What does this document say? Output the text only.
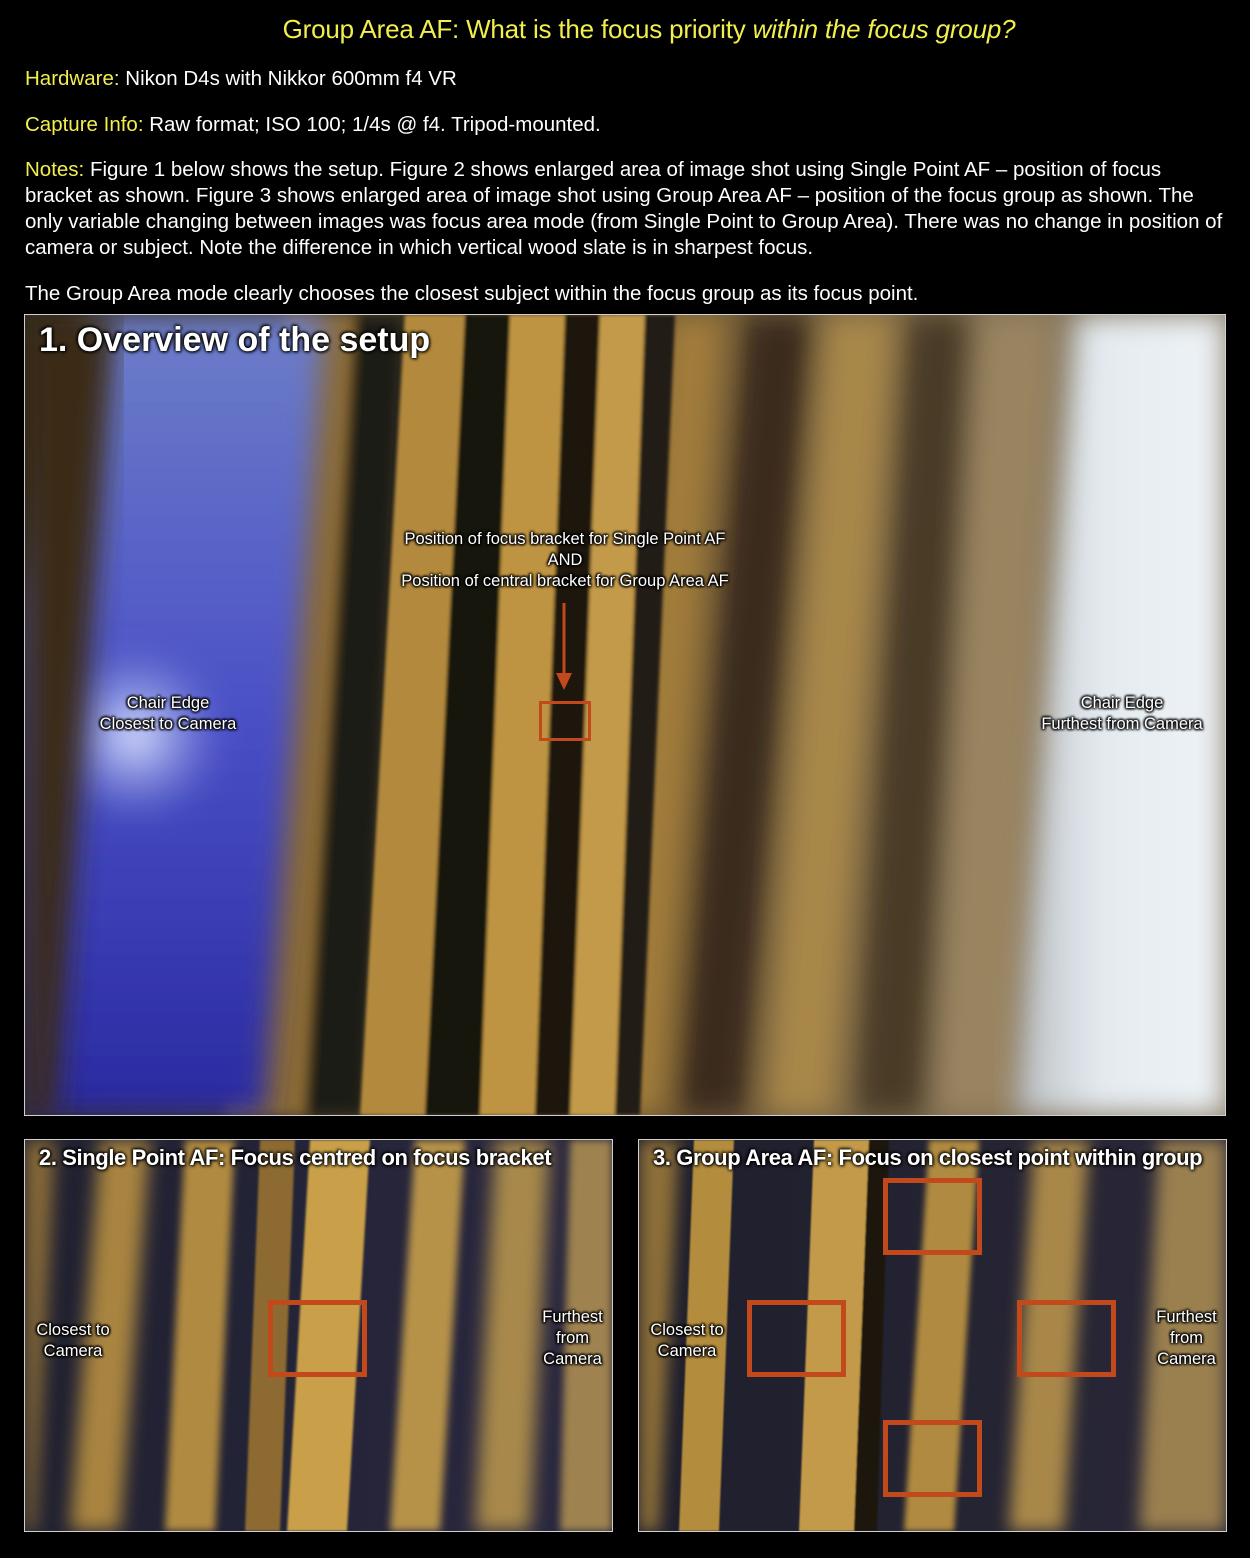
Group Area AF: What is the focus priority within the focus group?
Hardware: Nikon D4s with Nikkor 600mm f4 VR
Capture Info: Raw format; ISO 100; 1/4s @ f4. Tripod-mounted.
Notes: Figure 1 below shows the setup. Figure 2 shows enlarged area of image shot using Single Point AF – position of focus bracket as shown. Figure 3 shows enlarged area of image shot using Group Area AF – position of the focus group as shown. The only variable changing between images was focus area mode (from Single Point to Group Area). There was no change in position of camera or subject. Note the difference in which vertical wood slate is in sharpest focus.
The Group Area mode clearly chooses the closest subject within the focus group as its focus point.
1. Overview of the setup
Position of focus bracket for Single Point AF
AND
Position of central bracket for Group Area AF
Chair Edge
Closest to Camera
Chair Edge
Furthest from Camera
2. Single Point AF: Focus centred on focus bracket
Closest to
Camera
Furthest
from
Camera
3. Group Area AF: Focus on closest point within group
Closest to
Camera
Furthest
from
Camera
